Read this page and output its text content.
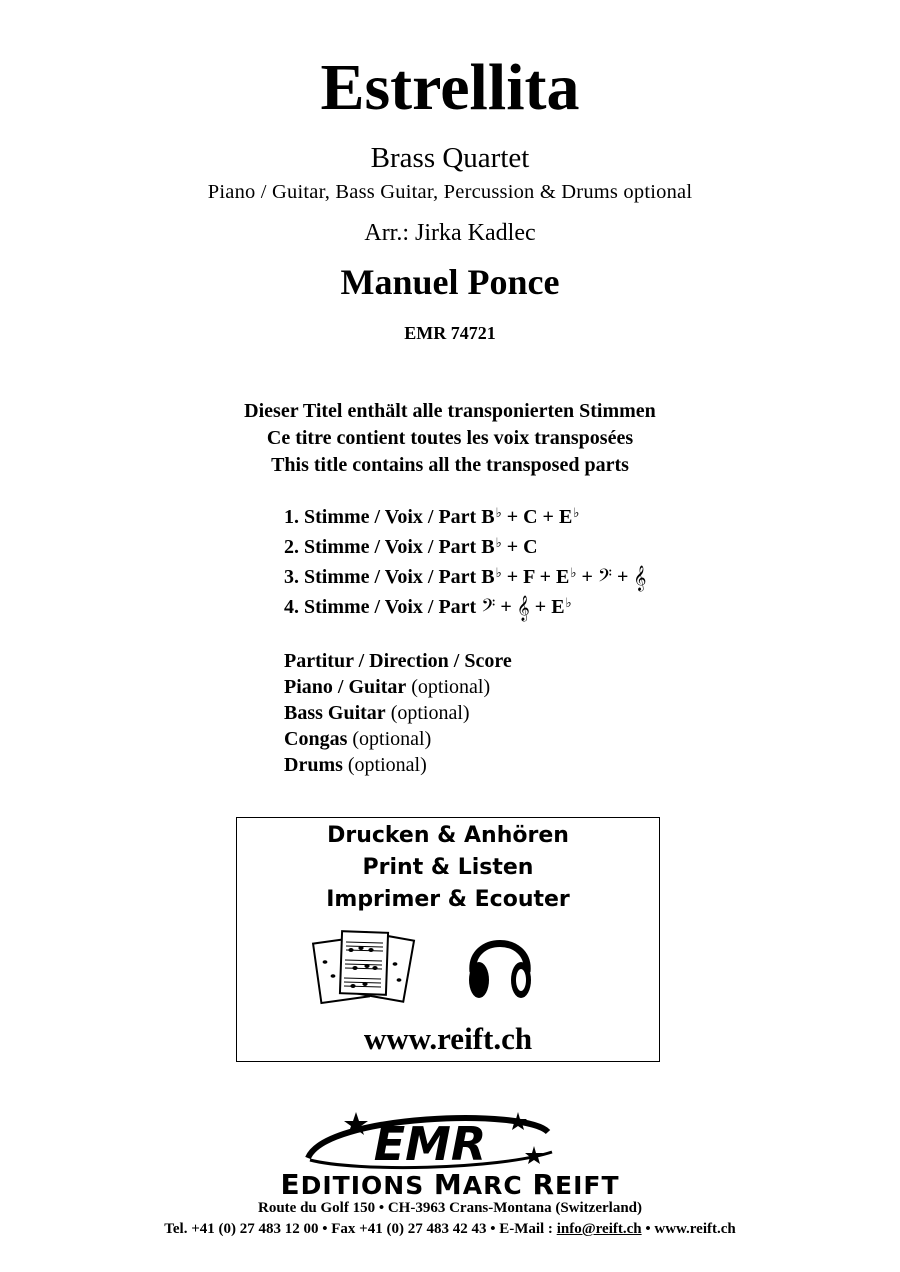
Estrellita
Brass Quartet
Piano / Guitar, Bass Guitar, Percussion & Drums optional
Arr.: Jirka Kadlec
Manuel Ponce
EMR 74721
Dieser Titel enthält alle transponierten Stimmen
Ce titre contient toutes les voix transposées
This title contains all the transposed parts
1. Stimme / Voix / Part B♭ + C + E♭
2. Stimme / Voix / Part B♭ + C
3. Stimme / Voix / Part B♭ + F + E♭ + 𝄢 + 𝄞
4. Stimme / Voix / Part 𝄢 + 𝄞 + E♭
Partitur / Direction / Score
Piano / Guitar (optional)
Bass Guitar (optional)
Congas (optional)
Drums (optional)
Drucken & Anhören
Print & Listen
Imprimer & Ecouter
www.reift.ch
EMR
EDITIONS MARC REIFT
Route du Golf 150 • CH-3963 Crans-Montana (Switzerland)
Tel. +41 (0) 27 483 12 00 • Fax +41 (0) 27 483 42 43 • E-Mail : info@reift.ch • www.reift.ch
